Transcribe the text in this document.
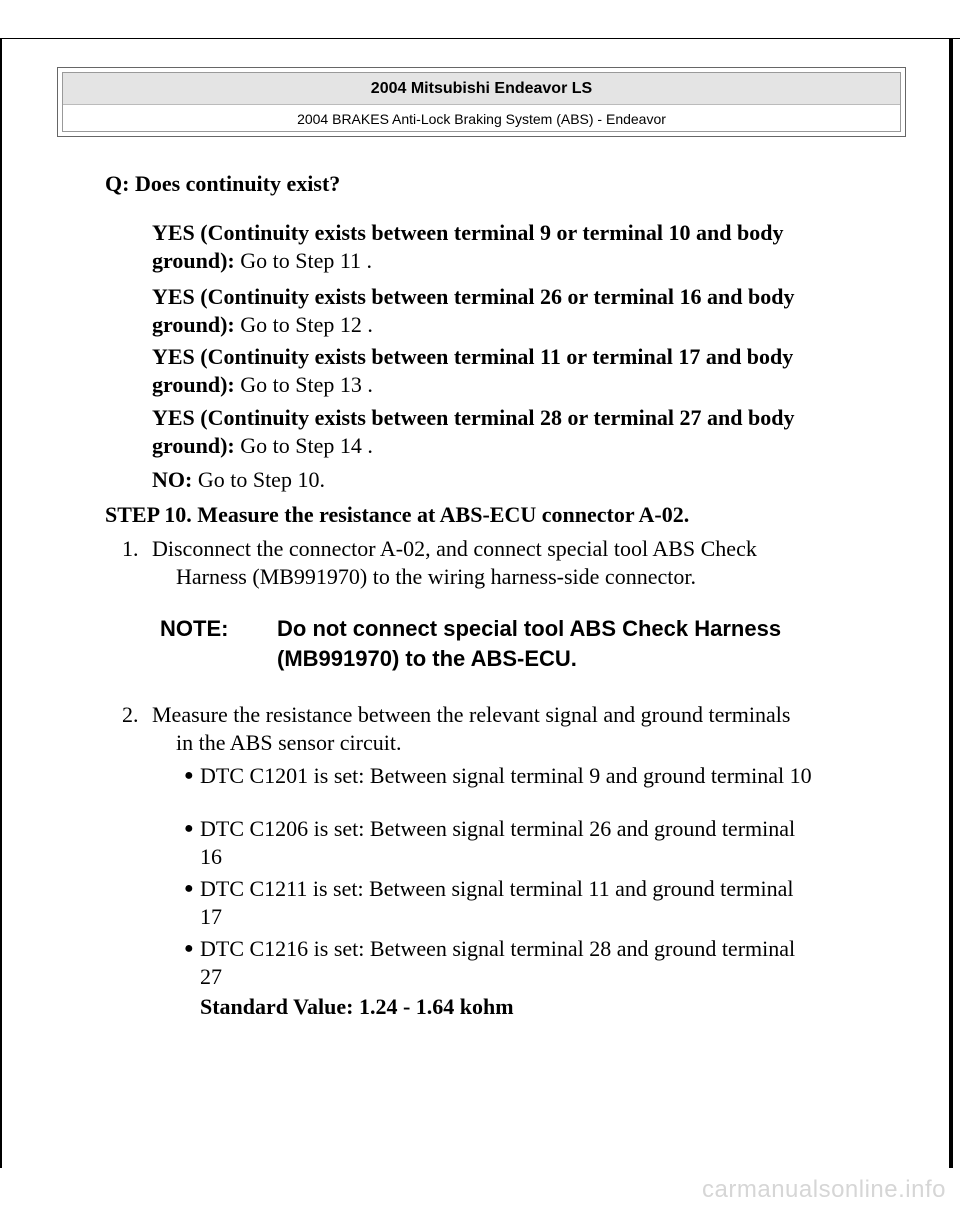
2004 Mitsubishi Endeavor LS
2004 BRAKES Anti-Lock Braking System (ABS) - Endeavor
Q: Does continuity exist?
YES (Continuity exists between terminal 9 or terminal 10 and body
ground): Go to Step 11 .
YES (Continuity exists between terminal 26 or terminal 16 and body
ground): Go to Step 12 .
YES (Continuity exists between terminal 11 or terminal 17 and body
ground): Go to Step 13 .
YES (Continuity exists between terminal 28 or terminal 27 and body
ground): Go to Step 14 .
NO: Go to Step 10.
STEP 10. Measure the resistance at ABS-ECU connector A-02.
1. Disconnect the connector A-02, and connect special tool ABS Check
Harness (MB991970) to the wiring harness-side connector.
NOTE: Do not connect special tool ABS Check Harness
(MB991970) to the ABS-ECU.
2. Measure the resistance between the relevant signal and ground terminals
in the ABS sensor circuit.
● DTC C1201 is set: Between signal terminal 9 and ground terminal 10
● DTC C1206 is set: Between signal terminal 26 and ground terminal
16
● DTC C1211 is set: Between signal terminal 11 and ground terminal
17
● DTC C1216 is set: Between signal terminal 28 and ground terminal
27
Standard Value: 1.24 - 1.64 kohm
carmanualsonline.info
